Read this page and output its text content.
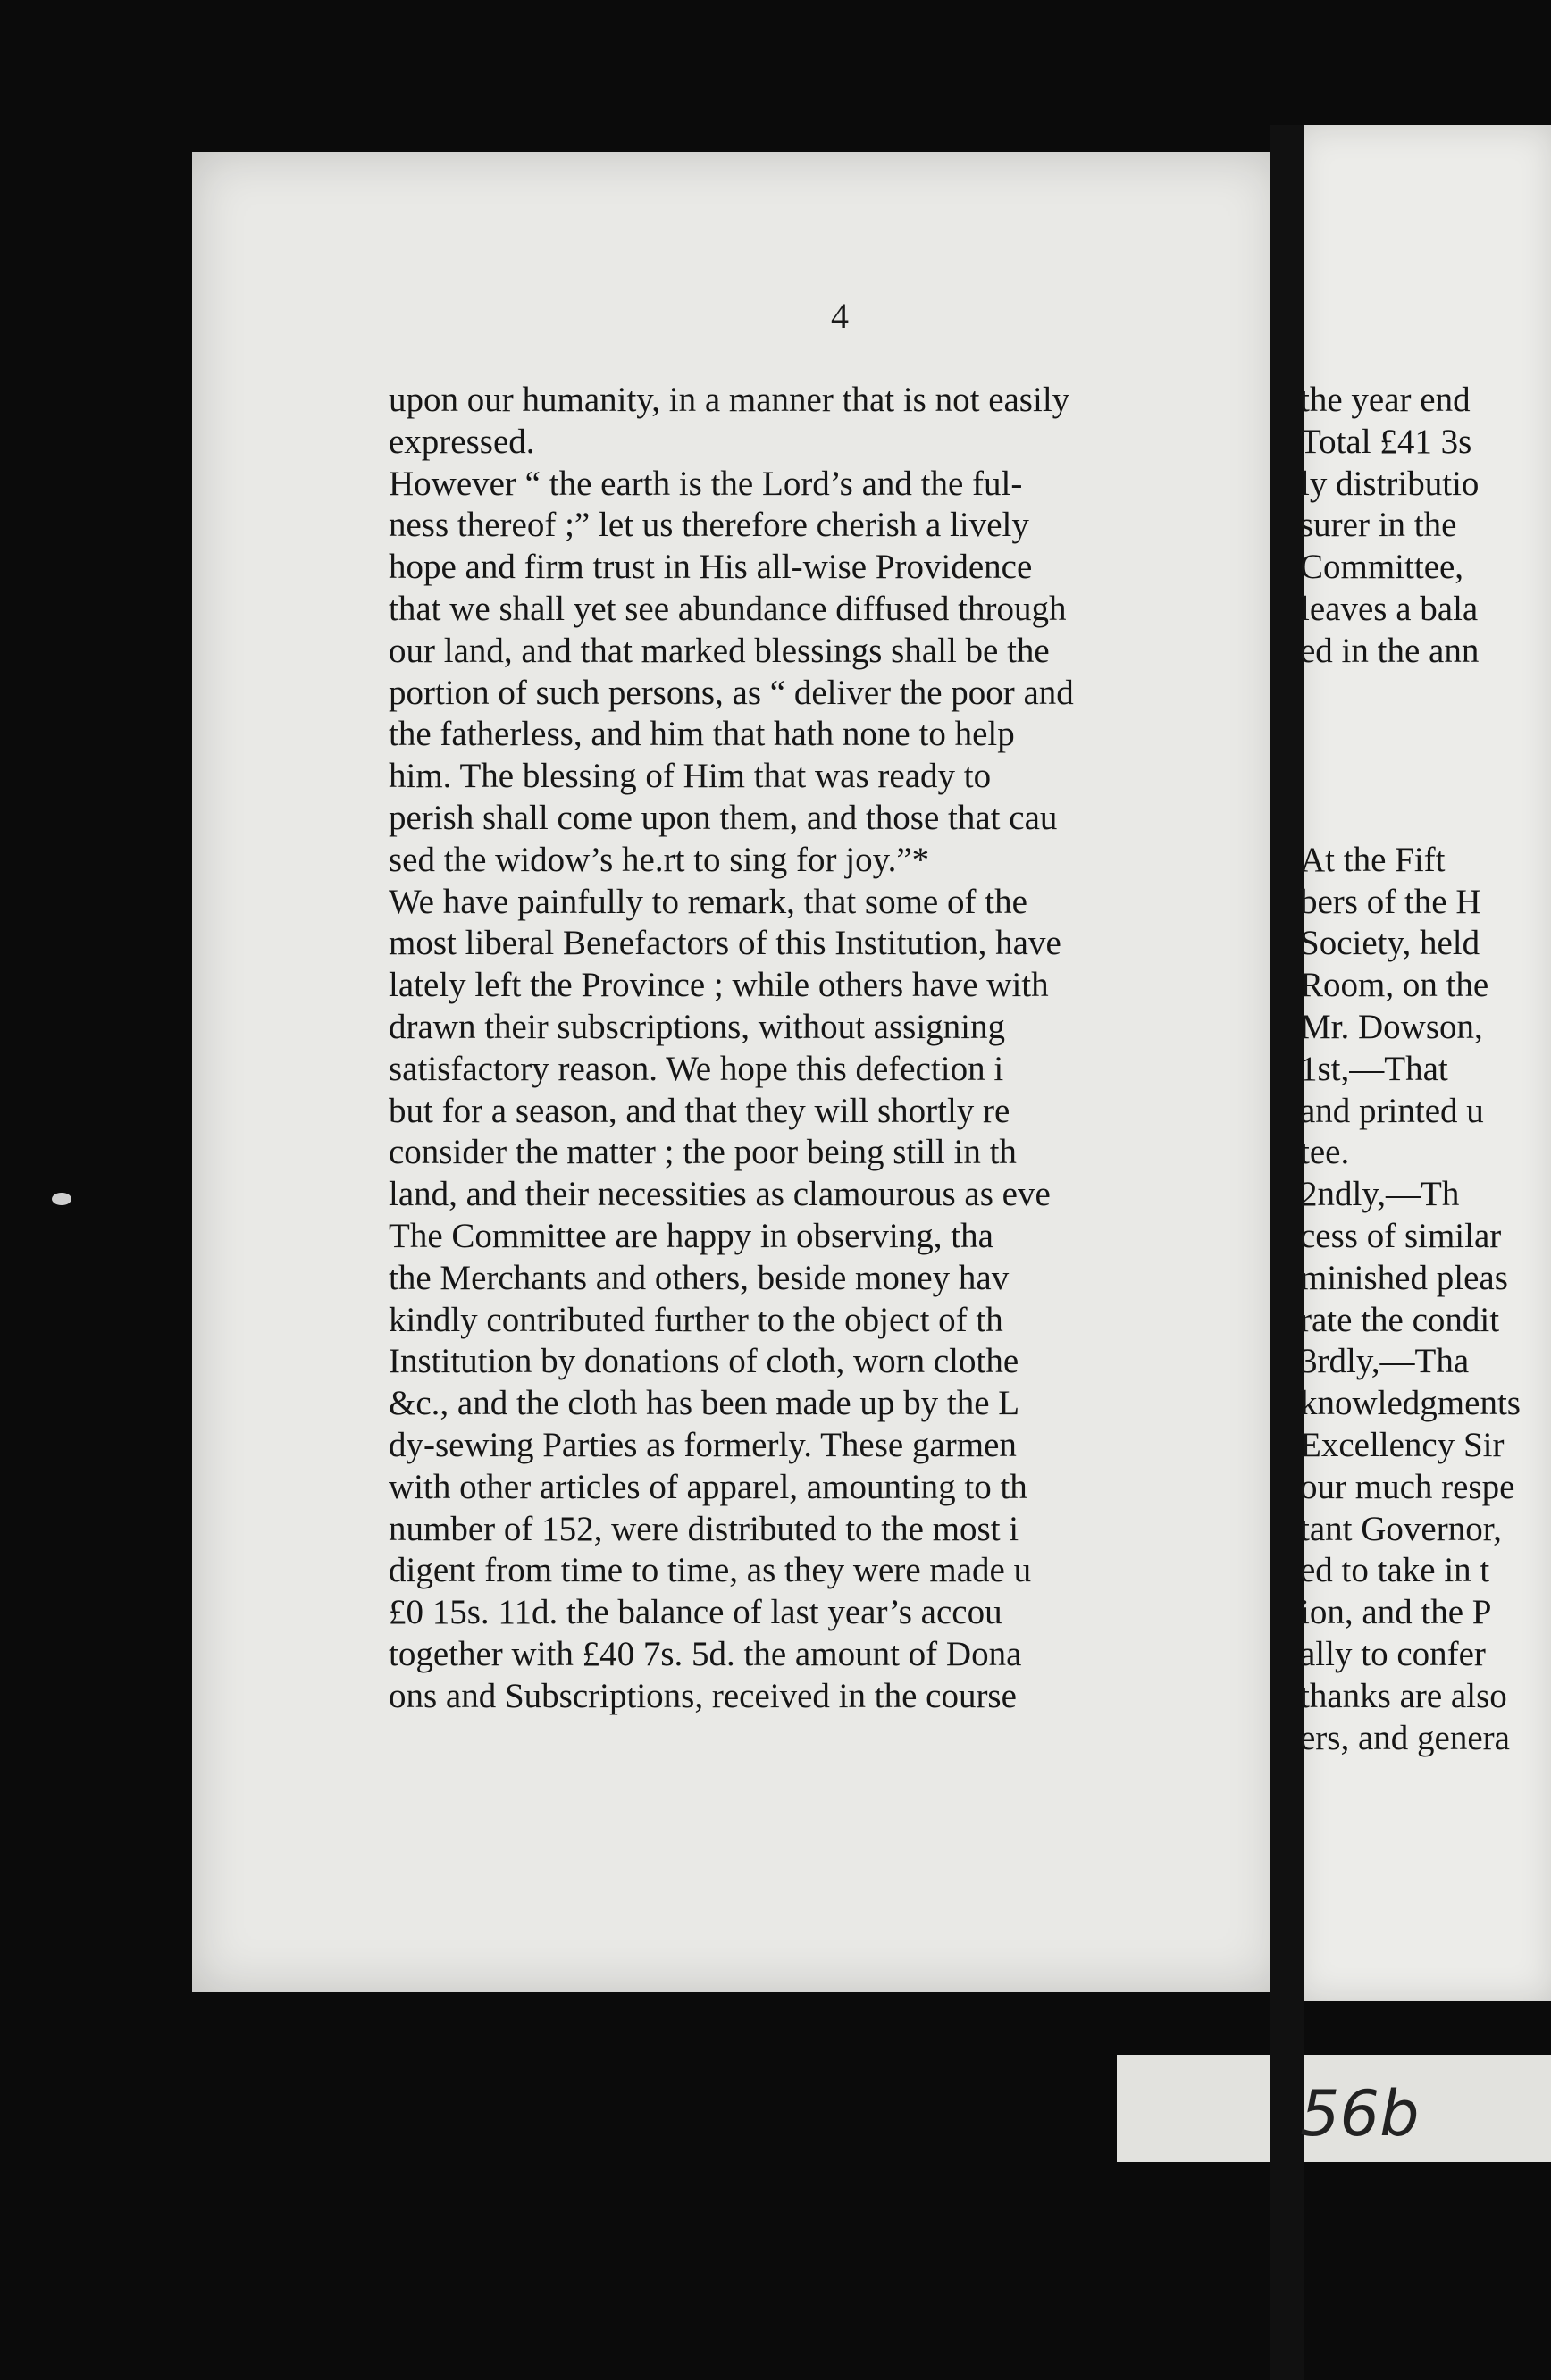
4
upon our humanity, in a manner that is not easily
expressed.
However “ the earth is the Lord’s and the ful-
ness thereof ;” let us therefore cherish a lively
hope and firm trust in His all-wise Providence
that we shall yet see abundance diffused through
our land, and that marked blessings shall be the
portion of such persons, as “ deliver the poor and
the fatherless, and him that hath none to help
him. The blessing of Him that was ready to
perish shall come upon them, and those that cau
sed the widow’s he.rt to sing for joy.”*
We have painfully to remark, that some of the
most liberal Benefactors of this Institution, have
lately left the Province ; while others have with
drawn their subscriptions, without assigning
satisfactory reason. We hope this defection i
but for a season, and that they will shortly re
consider the matter ; the poor being still in th
land, and their necessities as clamourous as eve
The Committee are happy in observing, tha
the Merchants and others, beside money hav
kindly contributed further to the object of th
Institution by donations of cloth, worn clothe
&c., and the cloth has been made up by the L
dy-sewing Parties as formerly. These garmen
with other articles of apparel, amounting to th
number of 152, were distributed to the most i
digent from time to time, as they were made u
£0 15s. 11d. the balance of last year’s accou
together with £40 7s. 5d. the amount of Dona
ons and Subscriptions, received in the course
the year end
Total £41 3s
ly distributio
surer in the
Committee,
leaves a bala
ed in the ann
At the Fift
bers of the H
Society, held
Room, on the
Mr. Dowson,
1st,—That
and printed u
tee.
2ndly,—Th
cess of similar
minished pleas
rate the condit
3rdly,—Tha
knowledgments
Excellency Sir
our much respe
tant Governor,
ed to take in t
ion, and the P
ally to confer
thanks are also
ers, and genera
56b
